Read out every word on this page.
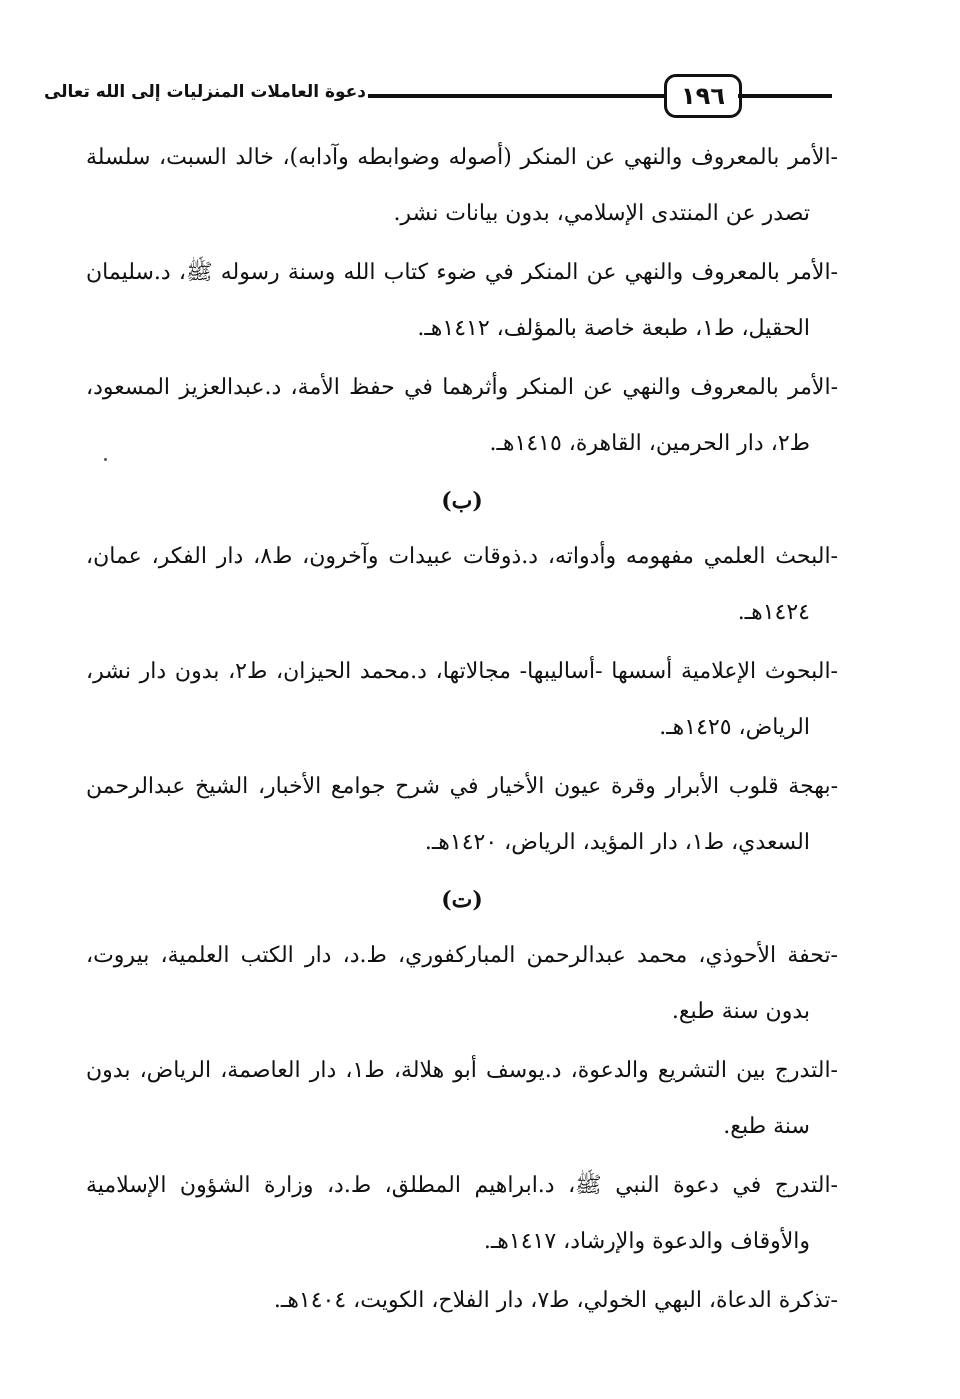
دعوة العاملات المنزليات إلى الله تعالى	١٩٦

-الأمر بالمعروف والنهي عن المنكر (أصوله وضوابطه وآدابه)، خالد السبت، سلسلة تصدر عن المنتدى الإسلامي، بدون بيانات نشر.

-الأمر بالمعروف والنهي عن المنكر في ضوء كتاب الله وسنة رسوله ﷺ، د.سليمان الحقيل، ط١، طبعة خاصة بالمؤلف، ١٤١٢هـ.

-الأمر بالمعروف والنهي عن المنكر وأثرهما في حفظ الأمة، د.عبدالعزيز المسعود، ط٢، دار الحرمين، القاهرة، ١٤١٥هـ.

(ب)

-البحث العلمي مفهومه وأدواته، د.ذوقات عبيدات وآخرون، ط٨، دار الفكر، عمان، ١٤٢٤هـ.

-البحوث الإعلامية أسسها -أساليبها- مجالاتها، د.محمد الحيزان، ط٢، بدون دار نشر، الرياض، ١٤٢٥هـ.

-بهجة قلوب الأبرار وقرة عيون الأخيار في شرح جوامع الأخبار، الشيخ عبدالرحمن السعدي، ط١، دار المؤيد، الرياض، ١٤٢٠هـ.

(ت)

-تحفة الأحوذي، محمد عبدالرحمن المباركفوري، ط.د، دار الكتب العلمية، بيروت، بدون سنة طبع.

-التدرج بين التشريع والدعوة، د.يوسف أبو هلالة، ط١، دار العاصمة، الرياض، بدون سنة طبع.

-التدرج في دعوة النبي ﷺ، د.ابراهيم المطلق، ط.د، وزارة الشؤون الإسلامية والأوقاف والدعوة والإرشاد، ١٤١٧هـ.

-تذكرة الدعاة، البهي الخولي، ط٧، دار الفلاح، الكويت، ١٤٠٤هـ.
